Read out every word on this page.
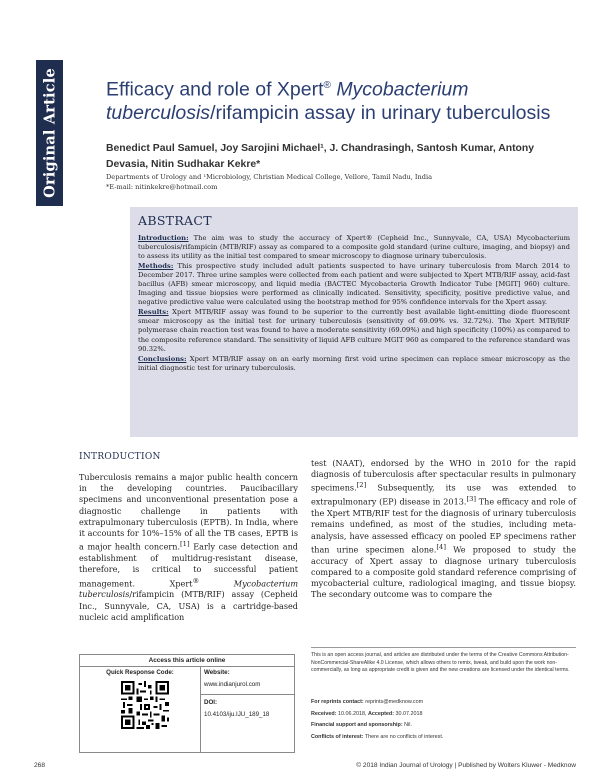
Original Article Efficacy and role of Xpert® Mycobacterium tuberculosis/rifampicin assay in urinary tuberculosis
Benedict Paul Samuel, Joy Sarojini Michael¹, J. Chandrasingh, Santosh Kumar, Antony Devasia, Nitin Sudhakar Kekre*
Departments of Urology and ¹Microbiology, Christian Medical College, Vellore, Tamil Nadu, India
*E-mail: nitinkekre@hotmail.com
ABSTRACT

Introduction: The aim was to study the accuracy of Xpert® (Cepheid Inc., Sunnyvale, CA, USA) Mycobacterium tuberculosis/rifampicin (MTB/RIF) assay as compared to a composite gold standard (urine culture, imaging, and biopsy) and to assess its utility as the initial test compared to smear microscopy to diagnose urinary tuberculosis.

Methods: This prospective study included adult patients suspected to have urinary tuberculosis from March 2014 to December 2017. Three urine samples were collected from each patient and were subjected to Xpert MTB/RIF assay, acid-fast bacillus (AFB) smear microscopy, and liquid media (BACTEC Mycobacteria Growth Indicator Tube [MGIT] 960) culture. Imaging and tissue biopsies were performed as clinically indicated. Sensitivity, specificity, positive predictive value, and negative predictive value were calculated using the bootstrap method for 95% confidence intervals for the Xpert assay.

Results: Xpert MTB/RIF assay was found to be superior to the currently best available light-emitting diode fluorescent smear microscopy as the initial test for urinary tuberculosis (sensitivity of 69.09% vs. 32.72%). The Xpert MTB/RIF polymerase chain reaction test was found to have a moderate sensitivity (69.09%) and high specificity (100%) as compared to the composite reference standard. The sensitivity of liquid AFB culture MGIT 960 as compared to the reference standard was 90.32%.

Conclusions: Xpert MTB/RIF assay on an early morning first void urine specimen can replace smear microscopy as the initial diagnostic test for urinary tuberculosis.

INTRODUCTION

Tuberculosis remains a major public health concern in the developing countries. Paucibacillary specimens and unconventional presentation pose a diagnostic challenge in patients with extrapulmonary tuberculosis (EPTB). In India, where it accounts for 10%–15% of all the TB cases, EPTB is a major health concern.[1] Early case detection and establishment of multidrug-resistant disease, therefore, is critical to successful patient management. Xpert®	Mycobacterium tuberculosis/rifampicin (MTB/RIF) assay (Cepheid Inc., Sunnyvale, CA, USA) is a cartridge-based nucleic acid amplification

test (NAAT), endorsed by the WHO in 2010 for the rapid diagnosis of tuberculosis after spectacular results in pulmonary specimens.[2] Subsequently, its use was extended to extrapulmonary (EP) disease in 2013.[3] The efficacy and role of the Xpert MTB/RIF test for the diagnosis of urinary tuberculosis remains undefined, as most of the studies, including meta-analysis, have assessed efficacy on pooled EP specimens rather than urine specimen alone.[4] We proposed to study the accuracy of Xpert assay to diagnose urinary tuberculosis compared to a composite gold standard reference comprising of mycobacterial culture, radiological imaging, and tissue biopsy. The secondary outcome was to compare the

Access this article online
Quick Response Code:	Website:
www.indianjurol.com
DOI:
10.4103/iju.IJU_189_18
This is an open access journal, and articles are distributed under the terms of the Creative Commons Attribution-NonCommercial-ShareAlike 4.0 License, which allows others to remix, tweak, and build upon the work non-commercially, as long as appropriate credit is given and the new creations are licensed under the identical terms.
For reprints contact: reprints@medknow.com
Received: 10.06.2018, Accepted: 30.07.2018
Financial support and sponsorship: Nil.
Conflicts of interest: There are no conflicts of interest.
268	© 2018 Indian Journal of Urology | Published by Wolters Kluwer - Medknow
